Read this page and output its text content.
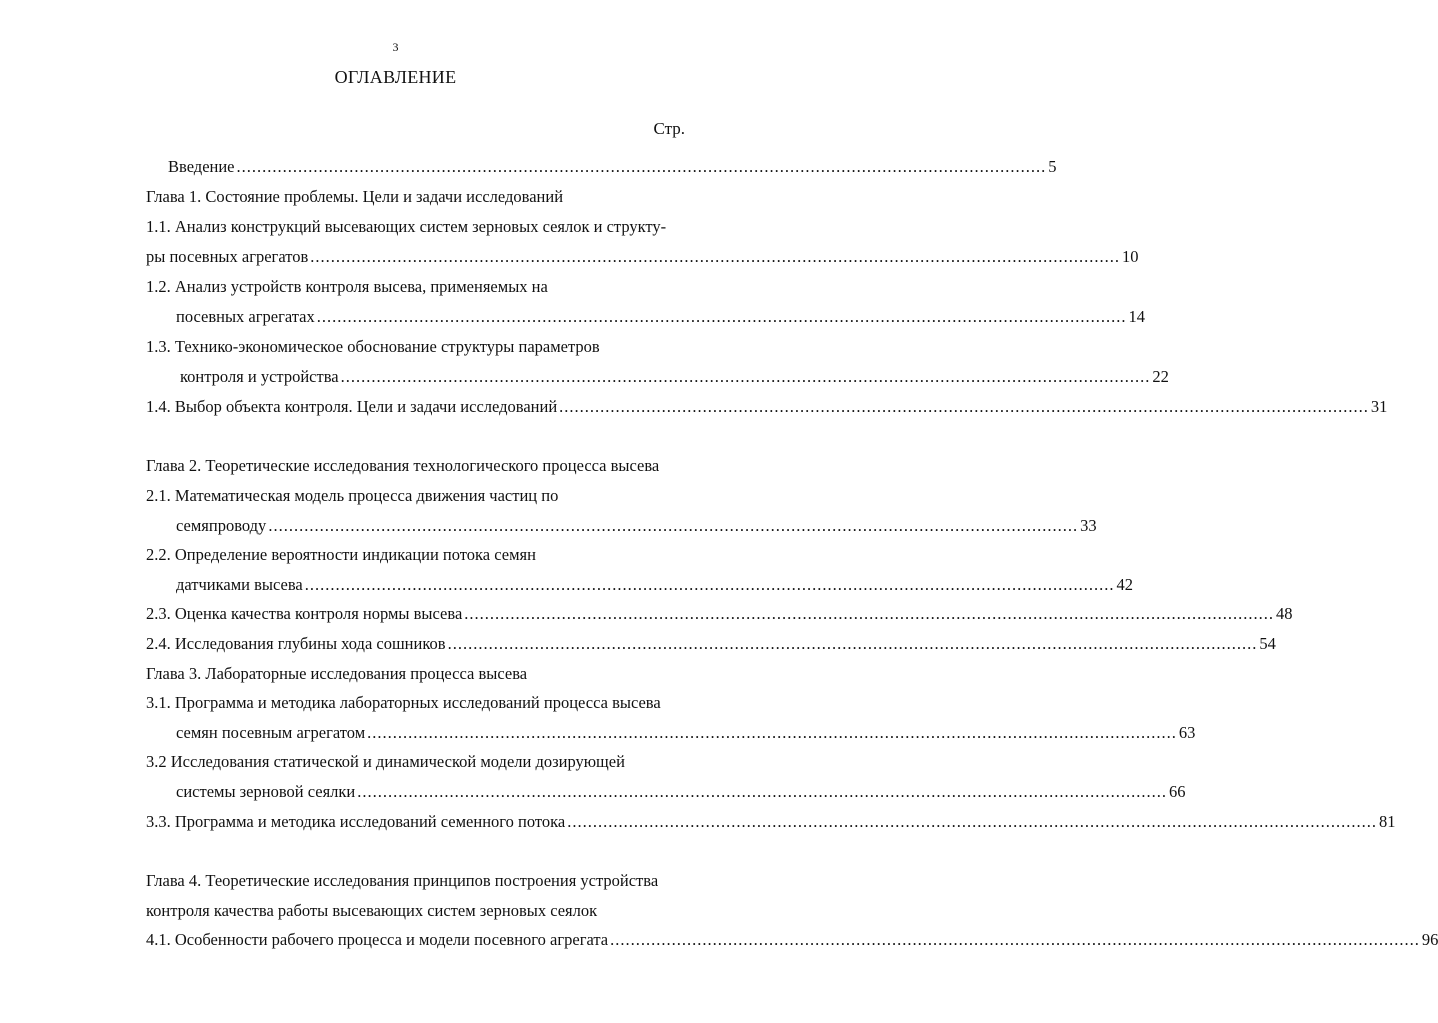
3
ОГЛАВЛЕНИЕ
Стр.
Введение .............................................................................................................................................................. 5
Глава 1. Состояние проблемы. Цели и задачи исследований
1.1. Анализ конструкций высевающих систем зерновых сеялок и структу-
ры посевных агрегатов .............................................................................................................................................................. 10
1.2. Анализ устройств контроля высева, применяемых на
посевных агрегатах .............................................................................................................................................................. 14
1.3. Технико-экономическое обоснование структуры параметров
контроля и устройства .............................................................................................................................................................. 22
1.4. Выбор объекта контроля. Цели и задачи исследований .............................................................................................................................................................. 31
Глава 2. Теоретические исследования технологического процесса высева
2.1. Математическая модель процесса движения частиц по
семяпроводу .............................................................................................................................................................. 33
2.2. Определение вероятности индикации потока семян
датчиками высева .............................................................................................................................................................. 42
2.3. Оценка качества контроля нормы высева .............................................................................................................................................................. 48
2.4. Исследования глубины хода сошников .............................................................................................................................................................. 54
Глава 3. Лабораторные исследования процесса высева
3.1. Программа и методика лабораторных исследований процесса высева
семян посевным агрегатом .............................................................................................................................................................. 63
3.2 Исследования статической и динамической модели дозирующей
системы зерновой сеялки .............................................................................................................................................................. 66
3.3. Программа и методика исследований семенного потока .............................................................................................................................................................. 81
Глава 4. Теоретические исследования принципов построения устройства
контроля качества работы высевающих систем зерновых сеялок
4.1. Особенности рабочего процесса и модели посевного агрегата .............................................................................................................................................................. 96
